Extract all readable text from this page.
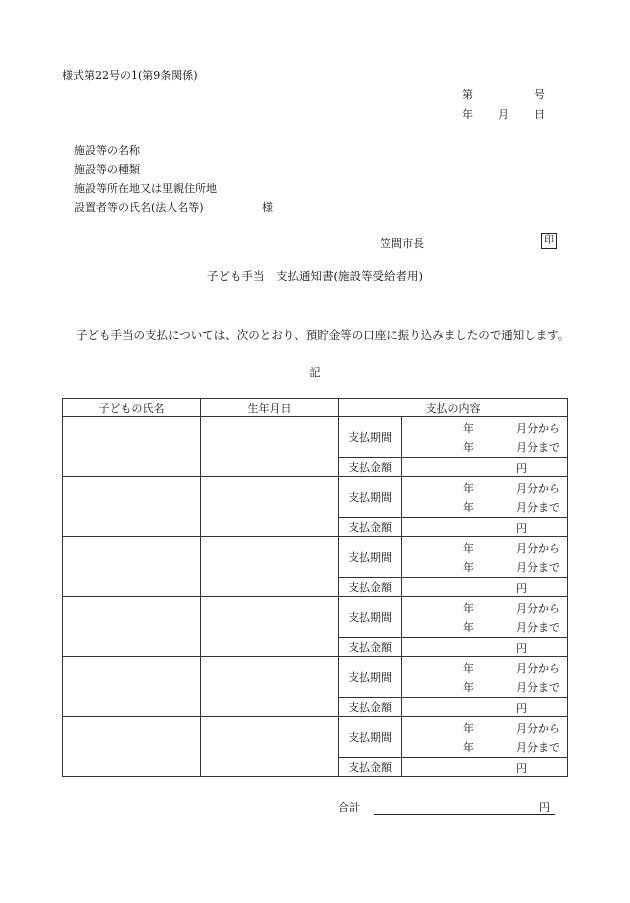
様式第22号の1(第9条関係)
第	号
年 月 日
施設等の名称
施設等の種類
施設等所在地又は里親住所地
設置者等の氏名(法人名等)	様
笠間市長	印
子ども手当　支払通知書(施設等受給者用)
子ども手当の支払については、次のとおり、預貯金等の口座に振り込みましたので通知します。
記
子どもの氏名	生年月日	支払の内容	
		支払期間	年 月分から
年 月分まで

		支払金額	円

		支払期間	年 月分から
年 月分まで

		支払金額	円

		支払期間	年 月分から
年 月分まで

		支払金額	円

		支払期間	年 月分から
年 月分まで

		支払金額	円

		支払期間	年 月分から
年 月分まで

		支払金額	円

		支払期間	年 月分から
年 月分まで

		支払金額	円
合計	円
